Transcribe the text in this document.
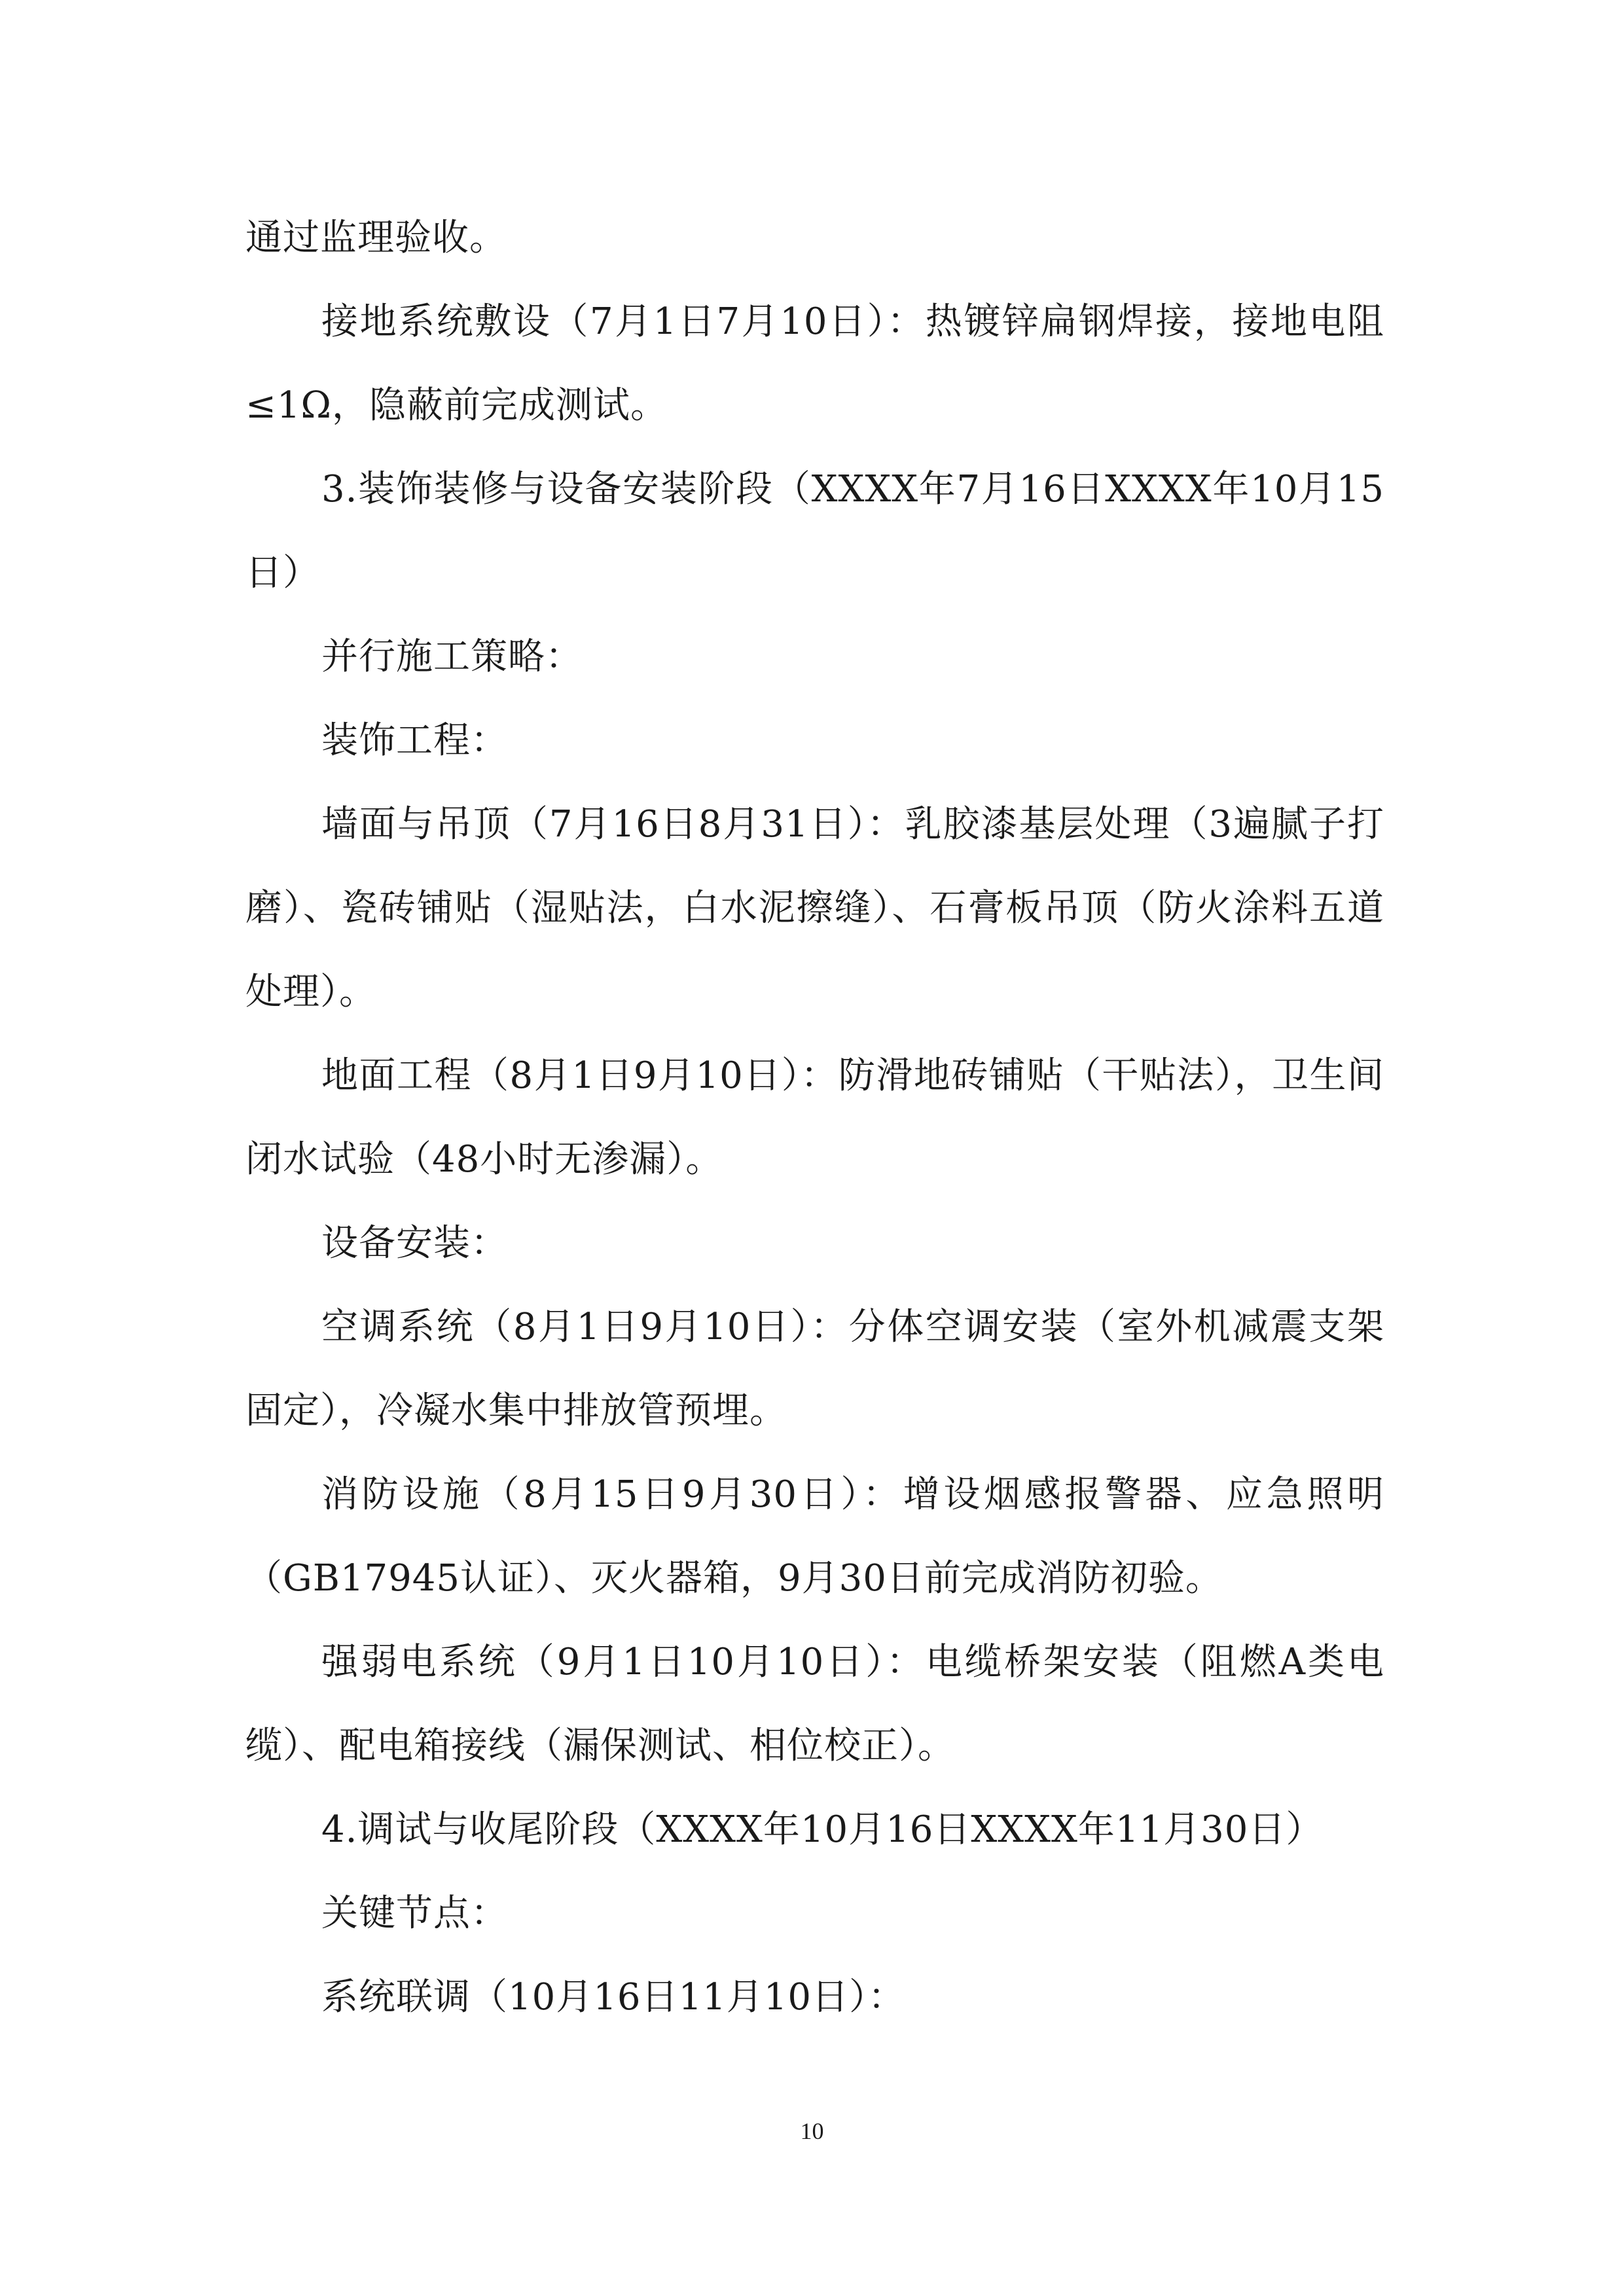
通过监理验收。

接地系统敷设（7月1日7月10日）：热镀锌扁钢焊接，接地电阻≤1Ω，隐蔽前完成测试。

3.装饰装修与设备安装阶段（XXXX年7月16日XXXX年10月15日）

并行施工策略：

装饰工程：

墙面与吊顶（7月16日8月31日）：乳胶漆基层处理（3遍腻子打磨）、瓷砖铺贴（湿贴法，白水泥擦缝）、石膏板吊顶（防火涂料五道处理）。

地面工程（8月1日9月10日）：防滑地砖铺贴（干贴法），卫生间闭水试验（48小时无渗漏）。

设备安装：

空调系统（8月1日9月10日）：分体空调安装（室外机减震支架固定），冷凝水集中排放管预埋。

消防设施（8月15日9月30日）：增设烟感报警器、应急照明（GB17945认证）、灭火器箱，9月30日前完成消防初验。

强弱电系统（9月1日10月10日）：电缆桥架安装（阻燃A类电缆）、配电箱接线（漏保测试、相位校正）。

4.调试与收尾阶段（XXXX年10月16日XXXX年11月30日）

关键节点：

系统联调（10月16日11月10日）：

10
